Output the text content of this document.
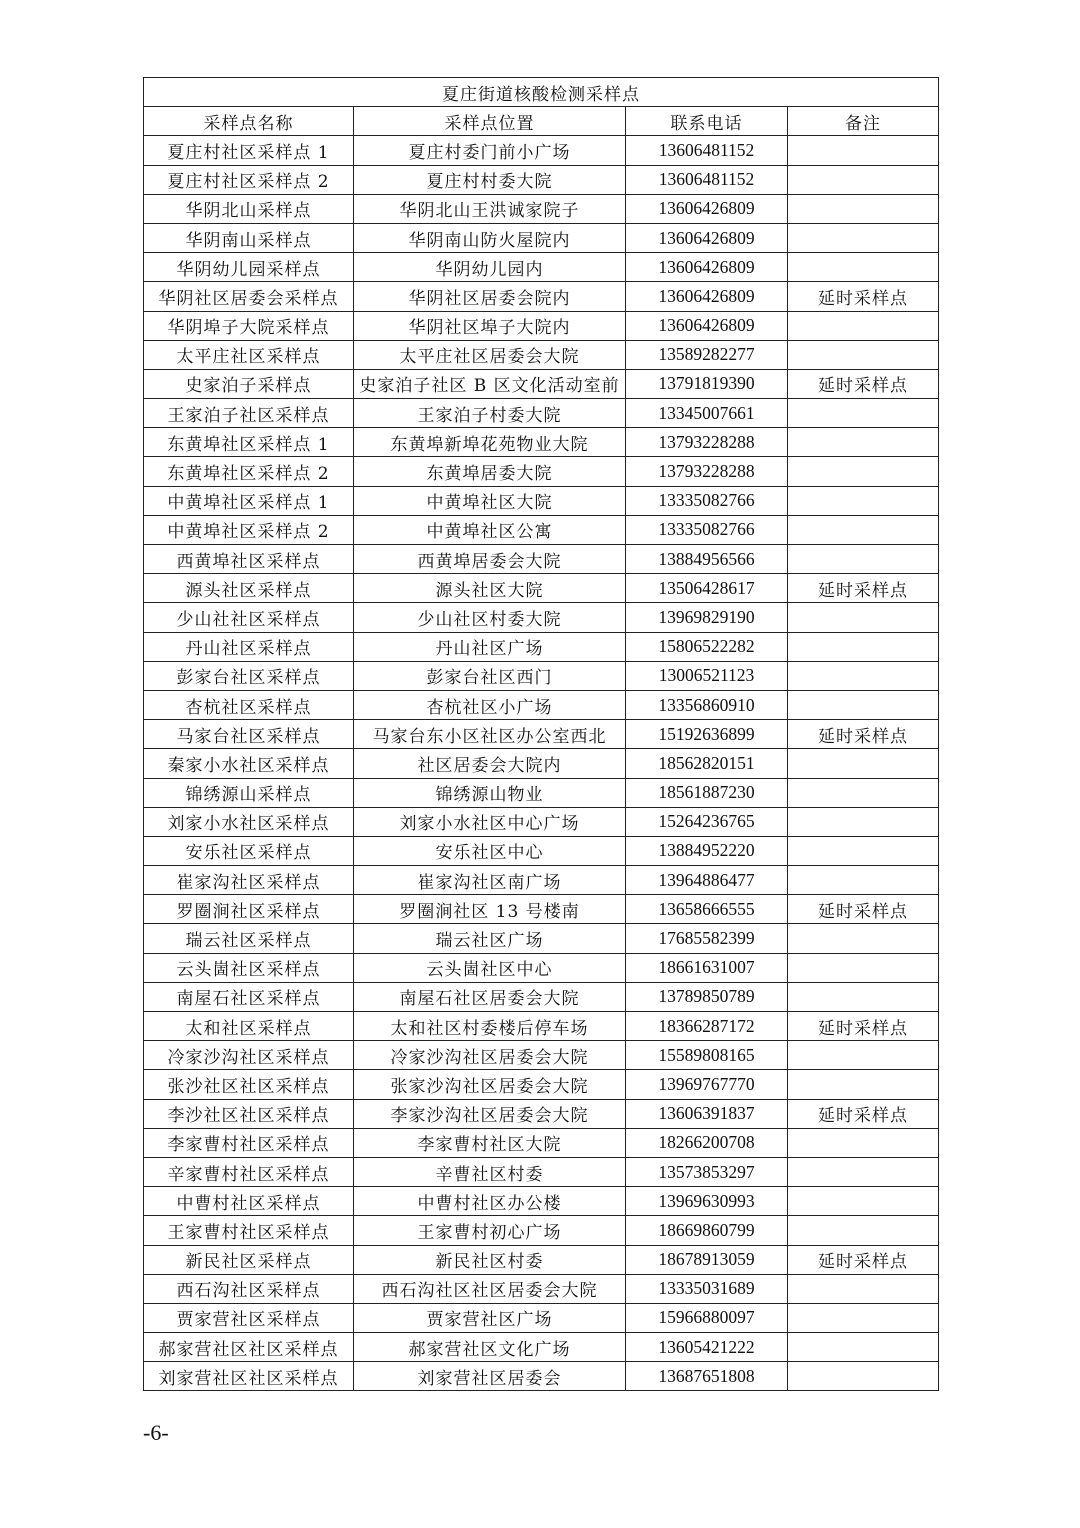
夏庄街道核酸检测采样点			
采样点名称	采样点位置	联系电话	备注
夏庄村社区采样点 1	夏庄村委门前小广场	13606481152	
夏庄村社区采样点 2	夏庄村村委大院	13606481152	
华阴北山采样点	华阴北山王洪诚家院子	13606426809	
华阴南山采样点	华阴南山防火屋院内	13606426809	
华阴幼儿园采样点	华阴幼儿园内	13606426809	
华阴社区居委会采样点	华阴社区居委会院内	13606426809	延时采样点
华阴埠子大院采样点	华阴社区埠子大院内	13606426809	
太平庄社区采样点	太平庄社区居委会大院	13589282277	
史家泊子采样点	史家泊子社区 B 区文化活动室前	13791819390	延时采样点
王家泊子社区采样点	王家泊子村委大院	13345007661	
东黄埠社区采样点 1	东黄埠新埠花苑物业大院	13793228288	
东黄埠社区采样点 2	东黄埠居委大院	13793228288	
中黄埠社区采样点 1	中黄埠社区大院	13335082766	
中黄埠社区采样点 2	中黄埠社区公寓	13335082766	
西黄埠社区采样点	西黄埠居委会大院	13884956566	
源头社区采样点	源头社区大院	13506428617	延时采样点
少山社社区采样点	少山社区村委大院	13969829190	
丹山社区采样点	丹山社区广场	15806522282	
彭家台社区采样点	彭家台社区西门	13006521123	
杏杭社区采样点	杏杭社区小广场	13356860910	
马家台社区采样点	马家台东小区社区办公室西北	15192636899	延时采样点
秦家小水社区采样点	社区居委会大院内	18562820151	
锦绣源山采样点	锦绣源山物业	18561887230	
刘家小水社区采样点	刘家小水社区中心广场	15264236765	
安乐社区采样点	安乐社区中心	13884952220	
崔家沟社区采样点	崔家沟社区南广场	13964886477	
罗圈涧社区采样点	罗圈涧社区 13 号楼南	13658666555	延时采样点
瑞云社区采样点	瑞云社区广场	17685582399	
云头崮社区采样点	云头崮社区中心	18661631007	
南屋石社区采样点	南屋石社区居委会大院	13789850789	
太和社区采样点	太和社区村委楼后停车场	18366287172	延时采样点
冷家沙沟社区采样点	冷家沙沟社区居委会大院	15589808165	
张沙社区社区采样点	张家沙沟社区居委会大院	13969767770	
李沙社区社区采样点	李家沙沟社区居委会大院	13606391837	延时采样点
李家曹村社区采样点	李家曹村社区大院	18266200708	
辛家曹村社区采样点	辛曹社区村委	13573853297	
中曹村社区采样点	中曹村社区办公楼	13969630993	
王家曹村社区采样点	王家曹村初心广场	18669860799	
新民社区采样点	新民社区村委	18678913059	延时采样点
西石沟社区采样点	西石沟社区社区居委会大院	13335031689	
贾家营社区采样点	贾家营社区广场	15966880097	
郝家营社区社区采样点	郝家营社区文化广场	13605421222	
刘家营社区社区采样点	刘家营社区居委会	13687651808	
-6-
